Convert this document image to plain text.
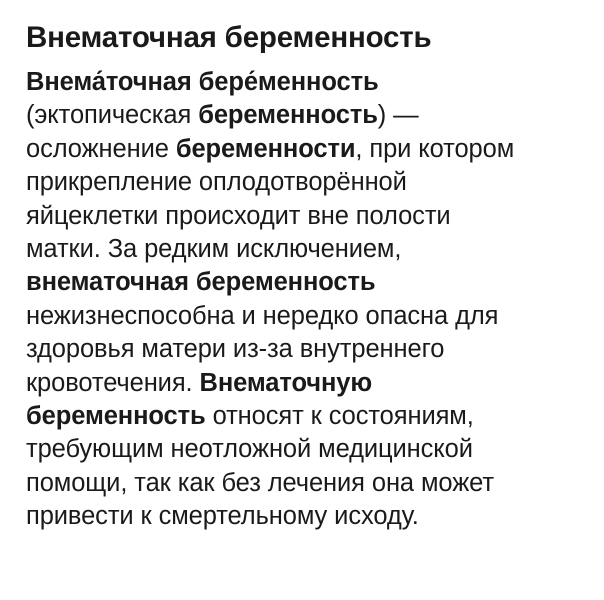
Внематочная беременность

Внема́точная бере́менность
(эктопическая беременность) —
осложнение беременности, при котором
прикрепление оплодотворённой
яйцеклетки происходит вне полости
матки. За редким исключением,
внематочная беременность
нежизнеспособна и нередко опасна для
здоровья матери из-за внутреннего
кровотечения. Внематочную
беременность относят к состояниям,
требующим неотложной медицинской
помощи, так как без лечения она может
привести к смертельному исходу.
